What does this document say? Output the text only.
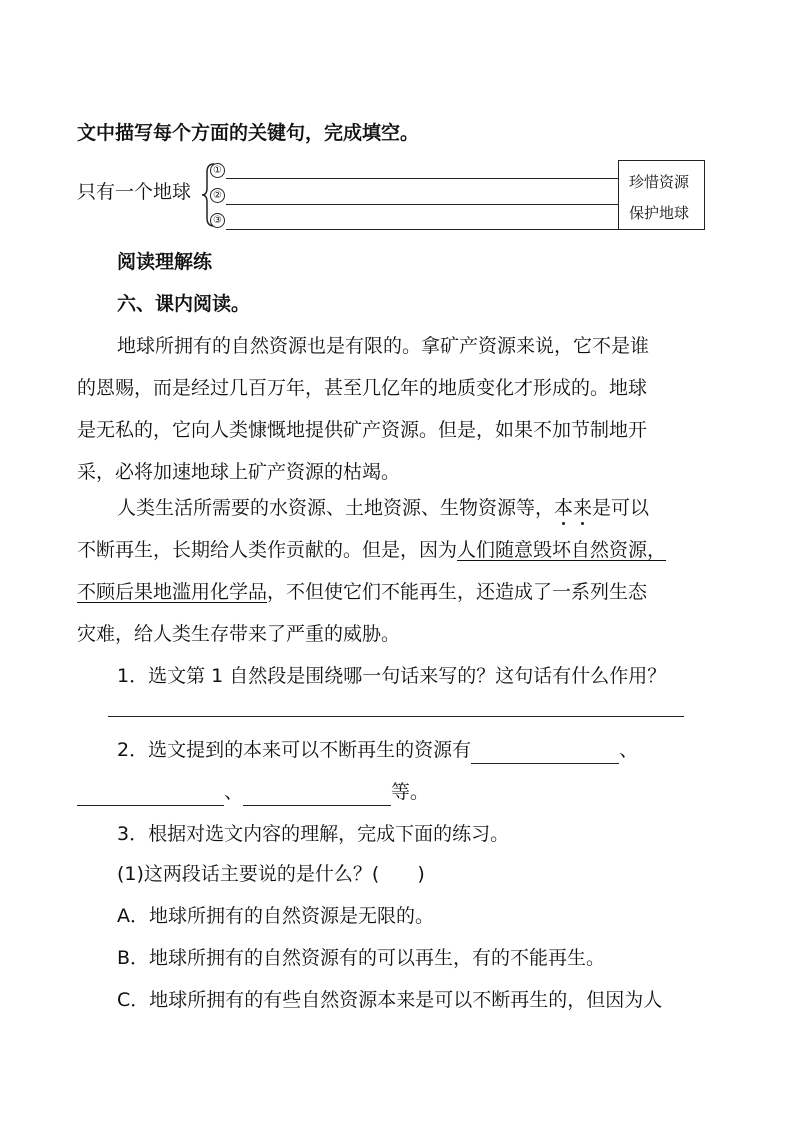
文中描写每个方面的关键句，完成填空。
只有一个地球
①
②
③
珍惜资源
保护地球
阅读理解练
六、课内阅读。
地球所拥有的自然资源也是有限的。拿矿产资源来说，它不是谁
的恩赐，而是经过几百万年，甚至几亿年的地质变化才形成的。地球
是无私的，它向人类慷慨地提供矿产资源。但是，如果不加节制地开
采，必将加速地球上矿产资源的枯竭。
人类生活所需要的水资源、土地资源、生物资源等，本来是可以
不断再生，长期给人类作贡献的。但是，因为人们随意毁坏自然资源，
不顾后果地滥用化学品，不但使它们不能再生，还造成了一系列生态
灾难，给人类生存带来了严重的威胁。
1．选文第 1 自然段是围绕哪一句话来写的？这句话有什么作用？
2．选文提到的本来可以不断再生的资源有	、
、	等。
3．根据对选文内容的理解，完成下面的练习。
(1)这两段话主要说的是什么？(　　)
A．地球所拥有的自然资源是无限的。
B．地球所拥有的自然资源有的可以再生，有的不能再生。
C．地球所拥有的有些自然资源本来是可以不断再生的，但因为人
